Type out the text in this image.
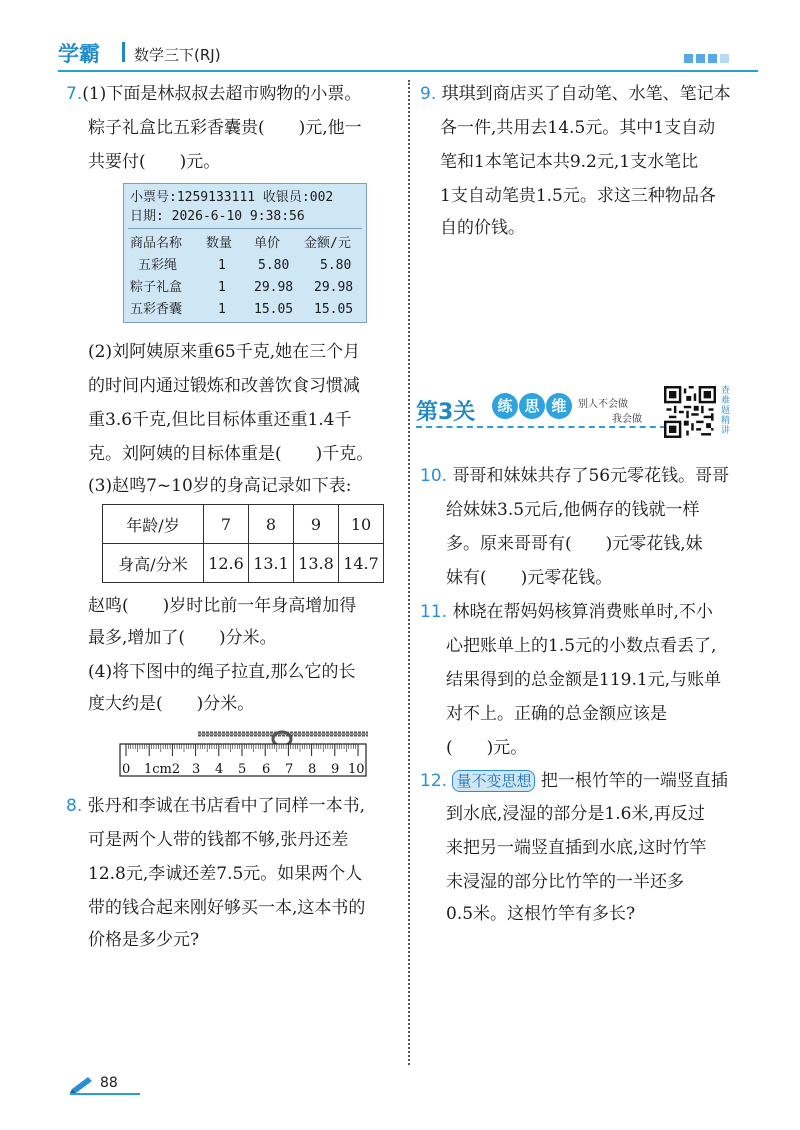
学霸 数学三下(RJ)
7.(1)下面是林叔叔去超市购物的小票。
粽子礼盒比五彩香囊贵(　　)元,他一
共要付(　　)元。
小票号:1259133111 收银员:002
日期: 2026-6-10 9:38:56
商品名称 数量 单价 金额/元
五彩绳	1 5.80 5.80
粽子礼盒	1 29.98 29.98
五彩香囊	1 15.05 15.05
(2)刘阿姨原来重65千克,她在三个月
的时间内通过锻炼和改善饮食习惯减
重3.6千克,但比目标体重还重1.4千
克。刘阿姨的目标体重是(　　)千克。
(3)赵鸣7~10岁的身高记录如下表:
年龄/岁	7	8	9	10
身高/分米	12.6	13.1	13.8	14.7
赵鸣(　　)岁时比前一年身高增加得
最多,增加了(　　)分米。
(4)将下图中的绳子拉直,那么它的长
度大约是(　　)分米。
0 1cm2 3 4 5 6 7 8 9 10
8. 张丹和李诚在书店看中了同样一本书,
可是两个人带的钱都不够,张丹还差
12.8元,李诚还差7.5元。如果两个人
带的钱合起来刚好够买一本,这本书的
价格是多少元?
9. 琪琪到商店买了自动笔、水笔、笔记本
各一件,共用去14.5元。其中1支自动
笔和1本笔记本共9.2元,1支水笔比
1支自动笔贵1.5元。求这三种物品各
自的价钱。
第3关	练 思 维	别人不会做
我会做
查难题精讲
10. 哥哥和妹妹共存了56元零花钱。哥哥
给妹妹3.5元后,他俩存的钱就一样
多。原来哥哥有(　　)元零花钱,妹
妹有(　　)元零花钱。
11. 林晓在帮妈妈核算消费账单时,不小
心把账单上的1.5元的小数点看丢了,
结果得到的总金额是119.1元,与账单
对不上。正确的总金额应该是
(　　)元。
12. 量不变思想 把一根竹竿的一端竖直插
到水底,浸湿的部分是1.6米,再反过
来把另一端竖直插到水底,这时竹竿
未浸湿的部分比竹竿的一半还多
0.5米。这根竹竿有多长?
88
